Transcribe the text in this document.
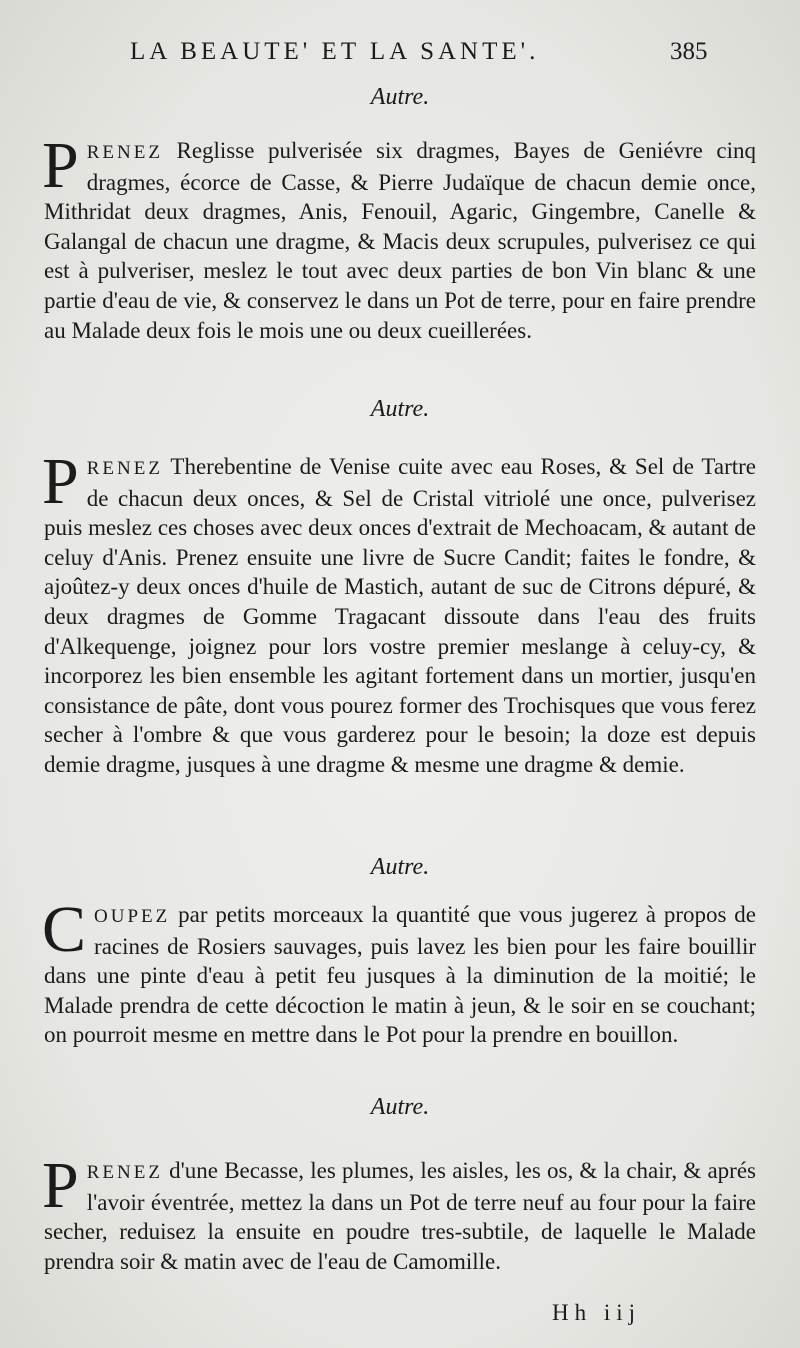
LA BEAUTE' ET LA SANTE'.	385
Autre.
PRENEZ Reglisse pulverisée six dragmes, Bayes de Geniévre cinq dragmes, écorce de Casse, & Pierre Judaïque de chacun demie once, Mithridat deux dragmes, Anis, Fenouil, Agaric, Gingembre, Canelle & Galangal de chacun une dragme, & Macis deux scrupules, pulverisez ce qui est à pulveriser, meslez le tout avec deux parties de bon Vin blanc & une partie d'eau de vie, & conservez le dans un Pot de terre, pour en faire prendre au Malade deux fois le mois une ou deux cueillerées.
Autre.
PRENEZ Therebentine de Venise cuite avec eau Roses, & Sel de Tartre de chacun deux onces, & Sel de Cristal vitriolé une once, pulverisez puis meslez ces choses avec deux onces d'extrait de Mechoacam, & autant de celuy d'Anis. Prenez ensuite une livre de Sucre Candit; faites le fondre, & ajoûtez-y deux onces d'huile de Mastich, autant de suc de Citrons dépuré, & deux dragmes de Gomme Tragacant dissoute dans l'eau des fruits d'Alkequenge, joignez pour lors vostre premier meslange à celuy-cy, & incorporez les bien ensemble les agitant fortement dans un mortier, jusqu'en consistance de pâte, dont vous pourez former des Trochisques que vous ferez secher à l'ombre & que vous garderez pour le besoin; la doze est depuis demie dragme, jusques à une dragme & mesme une dragme & demie.
Autre.
COUPEZ par petits morceaux la quantité que vous jugerez à propos de racines de Rosiers sauvages, puis lavez les bien pour les faire bouillir dans une pinte d'eau à petit feu jusques à la diminution de la moitié; le Malade prendra de cette décoction le matin à jeun, & le soir en se couchant; on pourroit mesme en mettre dans le Pot pour la prendre en bouillon.
Autre.
PRENEZ d'une Becasse, les plumes, les aisles, les os, & la chair, & aprés l'avoir éventrée, mettez la dans un Pot de terre neuf au four pour la faire secher, reduisez la ensuite en poudre tres-subtile, de laquelle le Malade prendra soir & matin avec de l'eau de Camomille.
Hh iij
